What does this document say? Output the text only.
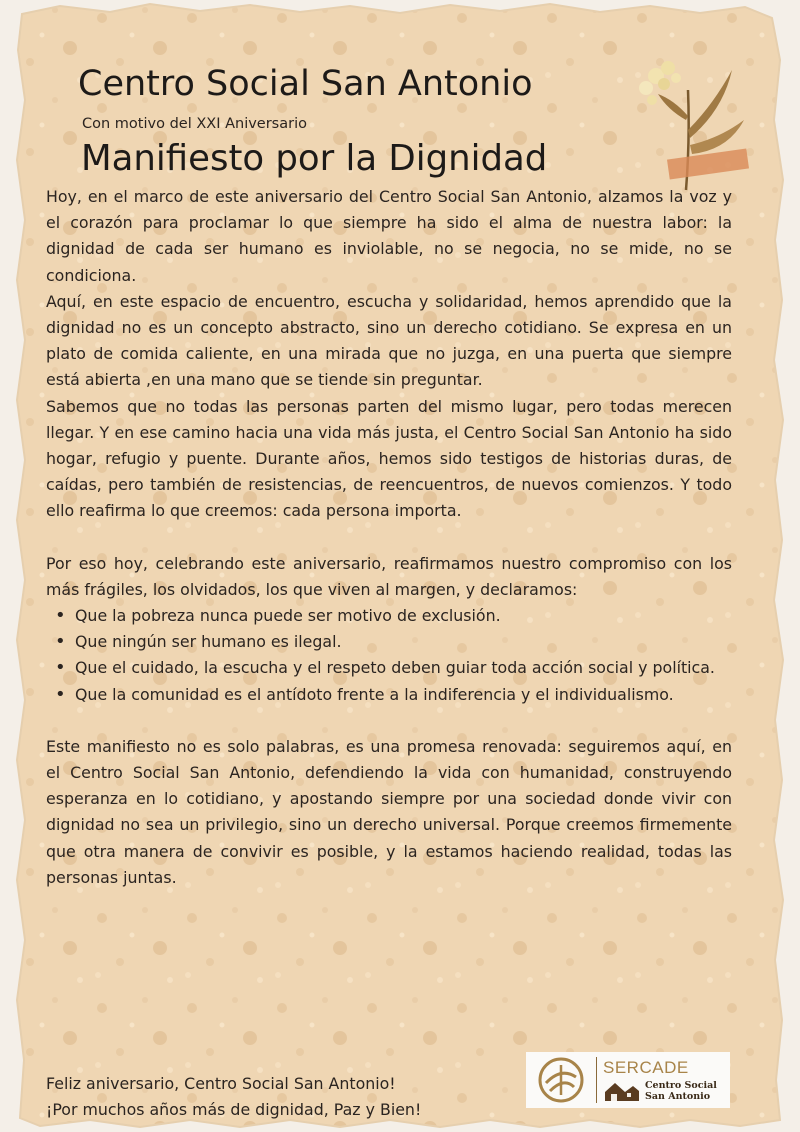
Centro Social San Antonio
Con motivo del XXI Aniversario
Manifiesto por la Dignidad

Hoy, en el marco de este aniversario del Centro Social San Antonio, alzamos la voz y el corazón para proclamar lo que siempre ha sido el alma de nuestra labor: la dignidad de cada ser humano es inviolable, no se negocia, no se mide, no se condiciona.

Aquí, en este espacio de encuentro, escucha y solidaridad, hemos aprendido que la dignidad no es un concepto abstracto, sino un derecho cotidiano. Se expresa en un plato de comida caliente, en una mirada que no juzga, en una puerta que siempre está abierta ,en una mano que se tiende sin preguntar.

Sabemos que no todas las personas parten del mismo lugar, pero todas merecen llegar. Y en ese camino hacia una vida más justa, el Centro Social San Antonio ha sido hogar, refugio y puente. Durante años, hemos sido testigos de historias duras, de caídas, pero también de resistencias, de reencuentros, de nuevos comienzos. Y todo ello reafirma lo que creemos: cada persona importa.

Por eso hoy, celebrando este aniversario, reafirmamos nuestro compromiso con los más frágiles, los olvidados, los que viven al margen, y declaramos:

• Que la pobreza nunca puede ser motivo de exclusión.
• Que ningún ser humano es ilegal.
• Que el cuidado, la escucha y el respeto deben guiar toda acción social y política.
• Que la comunidad es el antídoto frente a la indiferencia y el individualismo.

Este manifiesto no es solo palabras, es una promesa renovada: seguiremos aquí, en el Centro Social San Antonio, defendiendo la vida con humanidad, construyendo esperanza en lo cotidiano, y apostando siempre por una sociedad donde vivir con dignidad no sea un privilegio, sino un derecho universal. Porque creemos firmemente que otra manera de convivir es posible, y la estamos haciendo realidad, todas las personas juntas.

Feliz aniversario, Centro Social San Antonio!
¡Por muchos años más de dignidad, Paz y Bien!
SERCADE
Centro Social
San Antonio
